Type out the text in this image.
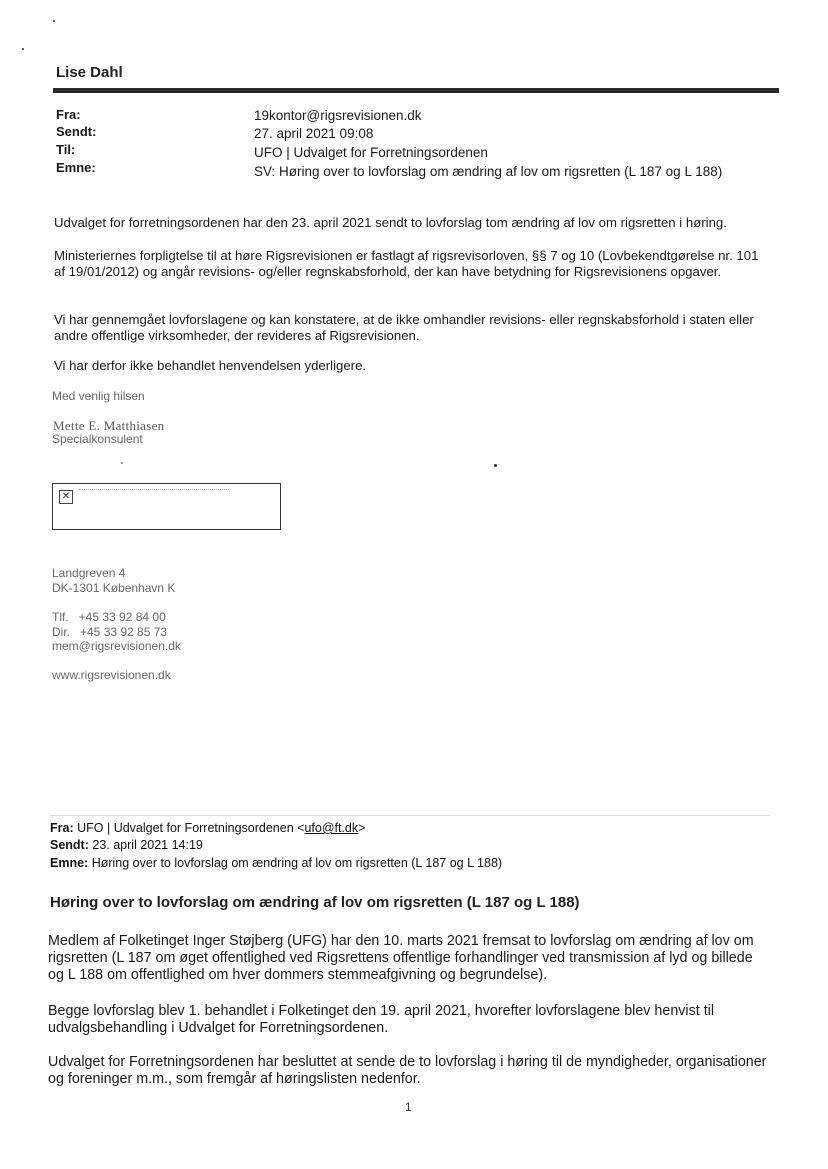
Lise Dahl
Fra:	19kontor@rigsrevisionen.dk
Sendt:	27. april 2021 09:08
Til:	UFO | Udvalget for Forretningsordenen
Emne:	SV: Høring over to lovforslag om ændring af lov om rigsretten (L 187 og L 188)
Udvalget for forretningsordenen har den 23. april 2021 sendt to lovforslag tom ændring af lov om rigsretten i høring.
Ministeriernes forpligtelse til at høre Rigsrevisionen er fastlagt af rigsrevisorloven, §§ 7 og 10 (Lovbekendtgørelse nr. 101 af 19/01/2012) og angår revisions- og/eller regnskabsforhold, der kan have betydning for Rigsrevisionens opgaver.
Vi har gennemgået lovforslagene og kan konstatere, at de ikke omhandler revisions- eller regnskabsforhold i staten eller andre offentlige virksomheder, der revideres af Rigsrevisionen.
Vi har derfor ikke behandlet henvendelsen yderligere.
Med venlig hilsen
Mette E. Matthiasen
Specialkonsulent
✕
Landgreven 4
DK-1301 København K
Tlf.   +45 33 92 84 00
Dir.   +45 33 92 85 73
mem@rigsrevisionen.dk
www.rigsrevisionen.dk
Fra: UFO | Udvalget for Forretningsordenen <ufo@ft.dk>
Sendt: 23. april 2021 14:19
Emne: Høring over to lovforslag om ændring af lov om rigsretten (L 187 og L 188)
Høring over to lovforslag om ændring af lov om rigsretten (L 187 og L 188)
Medlem af Folketinget Inger Støjberg (UFG) har den 10. marts 2021 fremsat to lovforslag om ændring af lov om rigsretten (L 187 om øget offentlighed ved Rigsrettens offentlige forhandlinger ved transmission af lyd og billede og L 188 om offentlighed om hver dommers stemmeafgivning og begrundelse).
Begge lovforslag blev 1. behandlet i Folketinget den 19. april 2021, hvorefter lovforslagene blev henvist til udvalgsbehandling i Udvalget for Forretningsordenen.
Udvalget for Forretningsordenen har besluttet at sende de to lovforslag i høring til de myndigheder, organisationer og foreninger m.m., som fremgår af høringslisten nedenfor.
1
